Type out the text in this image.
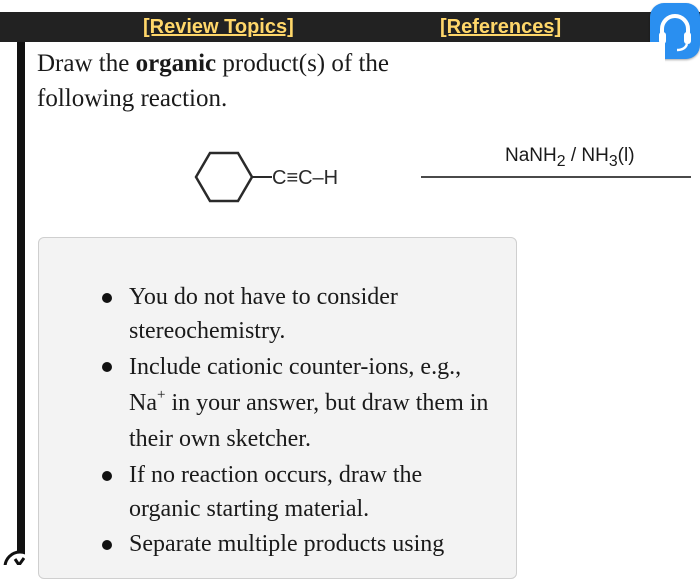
[Review Topics]	[References]

Draw the organic product(s) of the following reaction.

C≡C–H
NaNH$_2$ / $NH_3(l)$
You do not have to consider stereochemistry.
Include cationic counter-ions, e.g., Na+ in your answer, but draw them in their own sketcher.
If no reaction occurs, draw the organic starting material.
Separate multiple products using
